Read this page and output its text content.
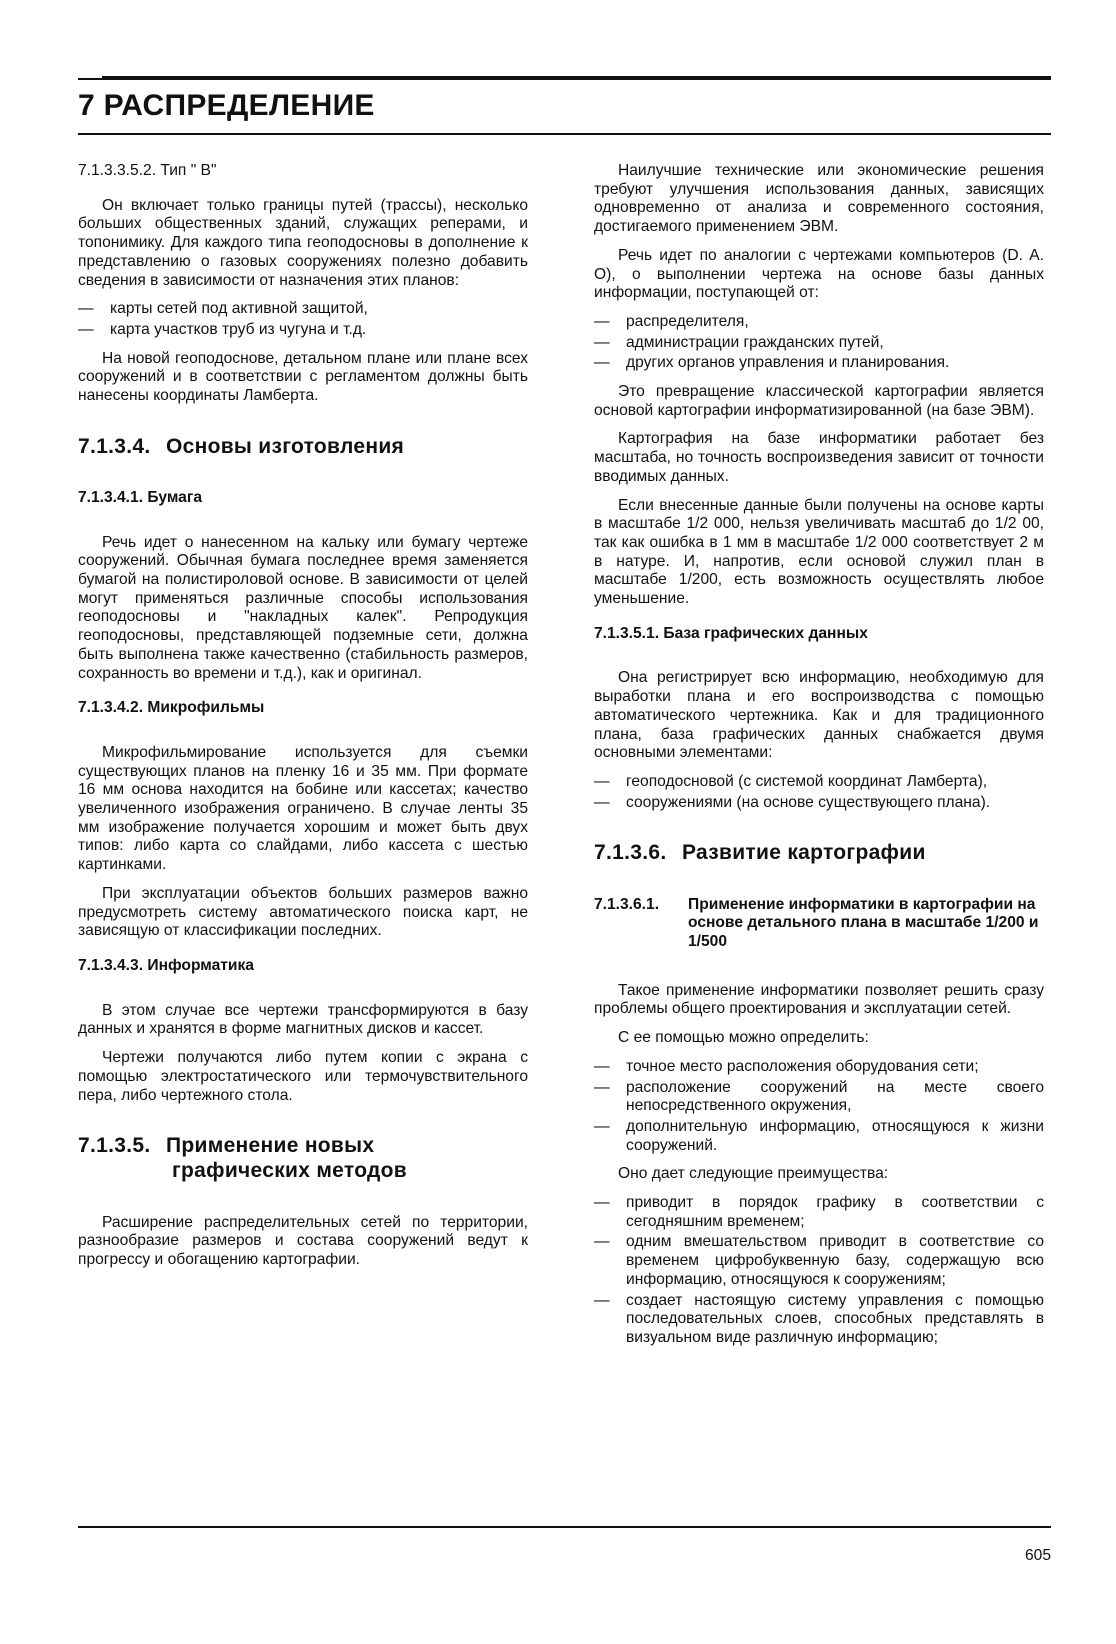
7 РАСПРЕДЕЛЕНИЕ

7.1.3.3.5.2. Тип " В"

Он включает только границы путей (трассы), несколько больших общественных зданий, служащих реперами, и топонимику. Для каждого типа геоподосновы в дополнение к представлению о газовых сооружениях полезно добавить сведения в зависимости от назначения этих планов:

— карты сетей под активной защитой,
— карта участков труб из чугуна и т.д.

На новой геоподоснове, детальном плане или плане всех сооружений и в соответствии с регламентом должны быть нанесены координаты Ламберта.

7.1.3.4. Основы изготовления
7.1.3.4.1. Бумага

Речь идет о нанесенном на кальку или бумагу чертеже сооружений. Обычная бумага последнее время заменяется бумагой на полистироловой основе. В зависимости от целей могут применяться различные способы использования геоподосновы и "накладных калек". Репродукция геоподосновы, представляющей подземные сети, должна быть выполнена также качественно (стабильность размеров, сохранность во времени и т.д.), как и оригинал.

7.1.3.4.2. Микрофильмы

Микрофильмирование используется для съемки существующих планов на пленку 16 и 35 мм. При формате 16 мм основа находится на бобине или кассетах; качество увеличенного изображения ограничено. В случае ленты 35 мм изображение получается хорошим и может быть двух типов: либо карта со слайдами, либо кассета с шестью картинками.

При эксплуатации объектов больших размеров важно предусмотреть систему автоматического поиска карт, не зависящую от классификации последних.

7.1.3.4.3. Информатика

В этом случае все чертежи трансформируются в базу данных и хранятся в форме магнитных дисков и кассет.

Чертежи получаются либо путем копии с экрана с помощью электростатического или термочувствительного пера, либо чертежного стола.

7.1.3.5. Применение новых
графических методов

Расширение распределительных сетей по территории, разнообразие размеров и состава сооружений ведут к прогрессу и обогащению картографии.

Наилучшие технические или экономические решения требуют улучшения использования данных, зависящих одновременно от анализа и современного состояния, достигаемого применением ЭВМ.

Речь идет по аналогии с чертежами компьютеров (D. A. O), о выполнении чертежа на основе базы данных информации, поступающей от:

— распределителя,
— администрации гражданских путей,
— других органов управления и планирования.

Это превращение классической картографии является основой картографии информатизированной (на базе ЭВМ).

Картография на базе информатики работает без масштаба, но точность воспроизведения зависит от точности вводимых данных.

Если внесенные данные были получены на основе карты в масштабе 1/2 000, нельзя увеличивать масштаб до 1/2 00, так как ошибка в 1 мм в масштабе 1/2 000 соответствует 2 м в натуре. И, напротив, если основой служил план в масштабе 1/200, есть возможность осуществлять любое уменьшение.

7.1.3.5.1. База графических данных

Она регистрирует всю информацию, необходимую для выработки плана и его воспроизводства с помощью автоматического чертежника. Как и для традиционного плана, база графических данных снабжается двумя основными элементами:

— геоподосновой (с системой координат Ламберта),
— сооружениями (на основе существующего плана).
7.1.3.6. Развитие картографии
7.1.3.6.1.	Применение информатики в картографии на основе детального плана в масштабе 1/200 и 1/500

Такое применение информатики позволяет решить сразу проблемы общего проектирования и эксплуатации сетей.

С ее помощью можно определить:

— точное место расположения оборудования сети;
— расположение сооружений на месте своего непосредственного окружения,
— дополнительную информацию, относящуюся к жизни сооружений.

Оно дает следующие преимущества:

— приводит в порядок графику в соответствии с сегодняшним временем;
— одним вмешательством приводит в соответствие со временем цифробуквенную базу, содержащую всю информацию, относящуюся к сооружениям;
— создает настоящую систему управления с помощью последовательных слоев, способных представлять в визуальном виде различную информацию;
605
